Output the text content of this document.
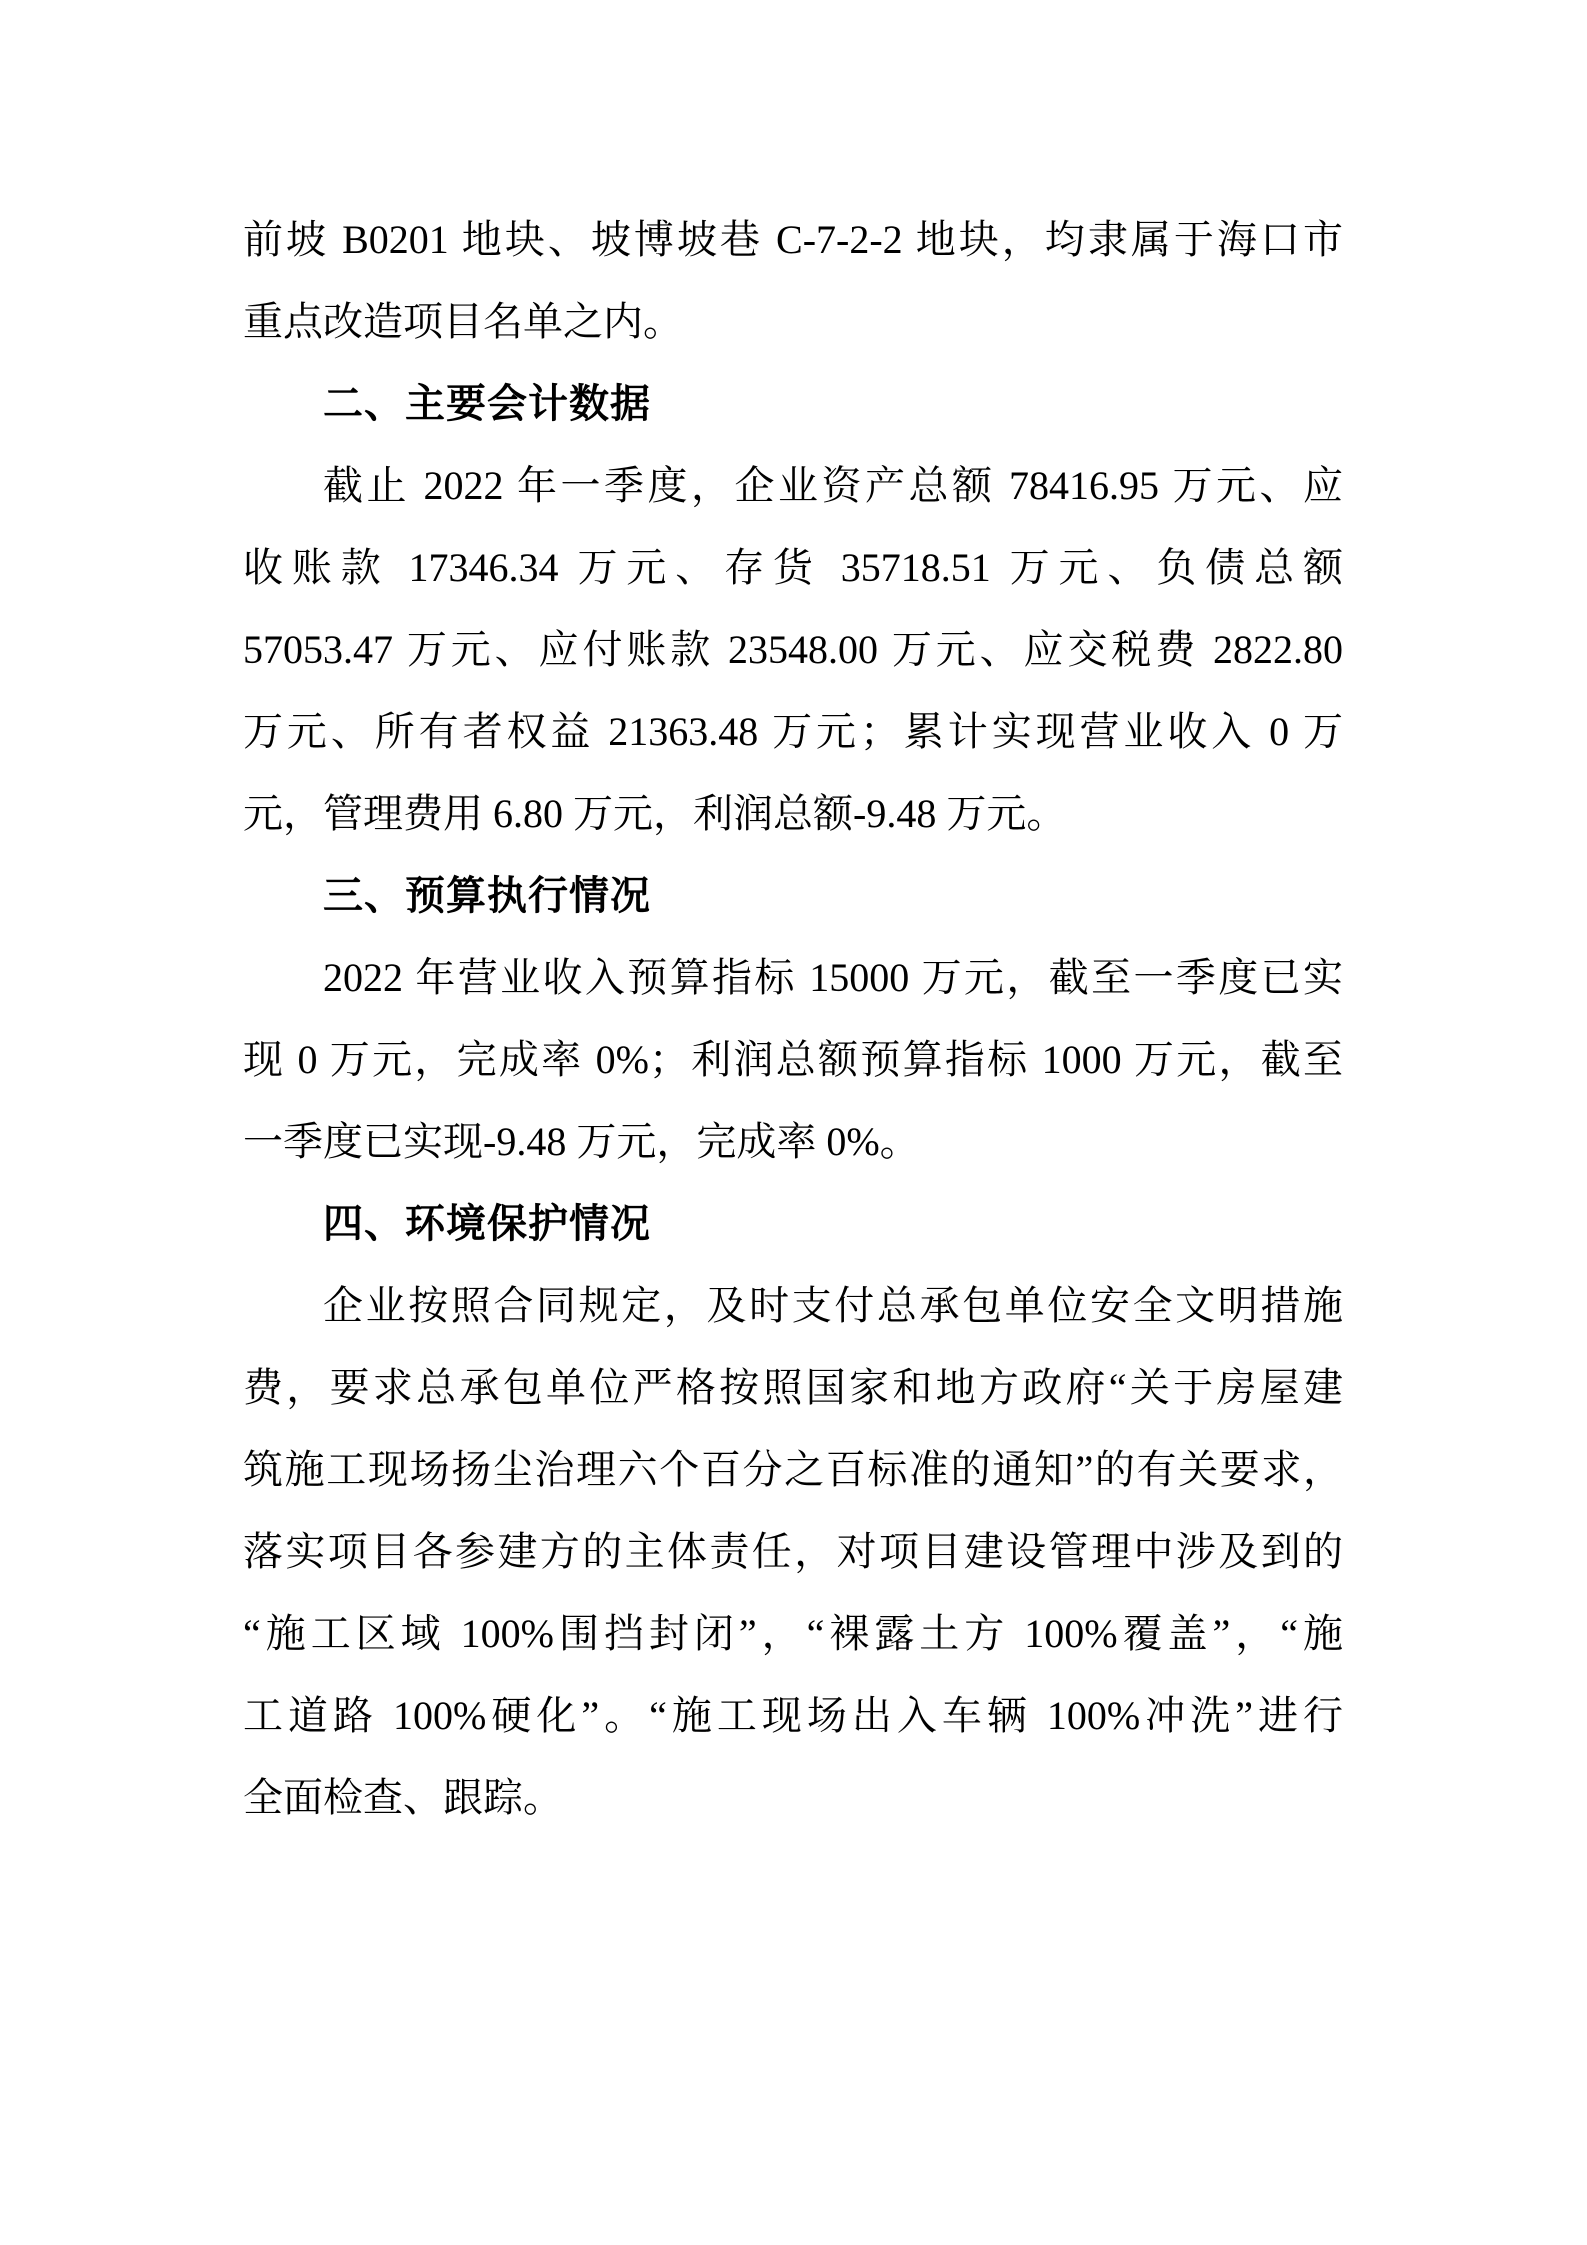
前坡 B0201 地块、坡博坡巷 C-7-2-2 地块，均隶属于海口市
重点改造项目名单之内。
二、主要会计数据
截止 2022 年一季度，企业资产总额 78416.95 万元、应
收账款 17346.34 万元、存货 35718.51 万元、负债总额
57053.47 万元、应付账款 23548.00 万元、应交税费 2822.80
万元、所有者权益 21363.48 万元；累计实现营业收入 0 万
元，管理费用 6.80 万元，利润总额-9.48 万元。
三、预算执行情况
2022 年营业收入预算指标 15000 万元，截至一季度已实
现 0 万元，完成率 0%；利润总额预算指标 1000 万元，截至
一季度已实现-9.48 万元，完成率 0%。
四、环境保护情况
企业按照合同规定，及时支付总承包单位安全文明措施
费，要求总承包单位严格按照国家和地方政府“关于房屋建
筑施工现场扬尘治理六个百分之百标准的通知”的有关要求，
落实项目各参建方的主体责任，对项目建设管理中涉及到的
“施工区域 100%围挡封闭”，“裸露土方 100%覆盖”，“施
工道路 100%硬化”。“施工现场出入车辆 100%冲洗”进行
全面检查、跟踪。
